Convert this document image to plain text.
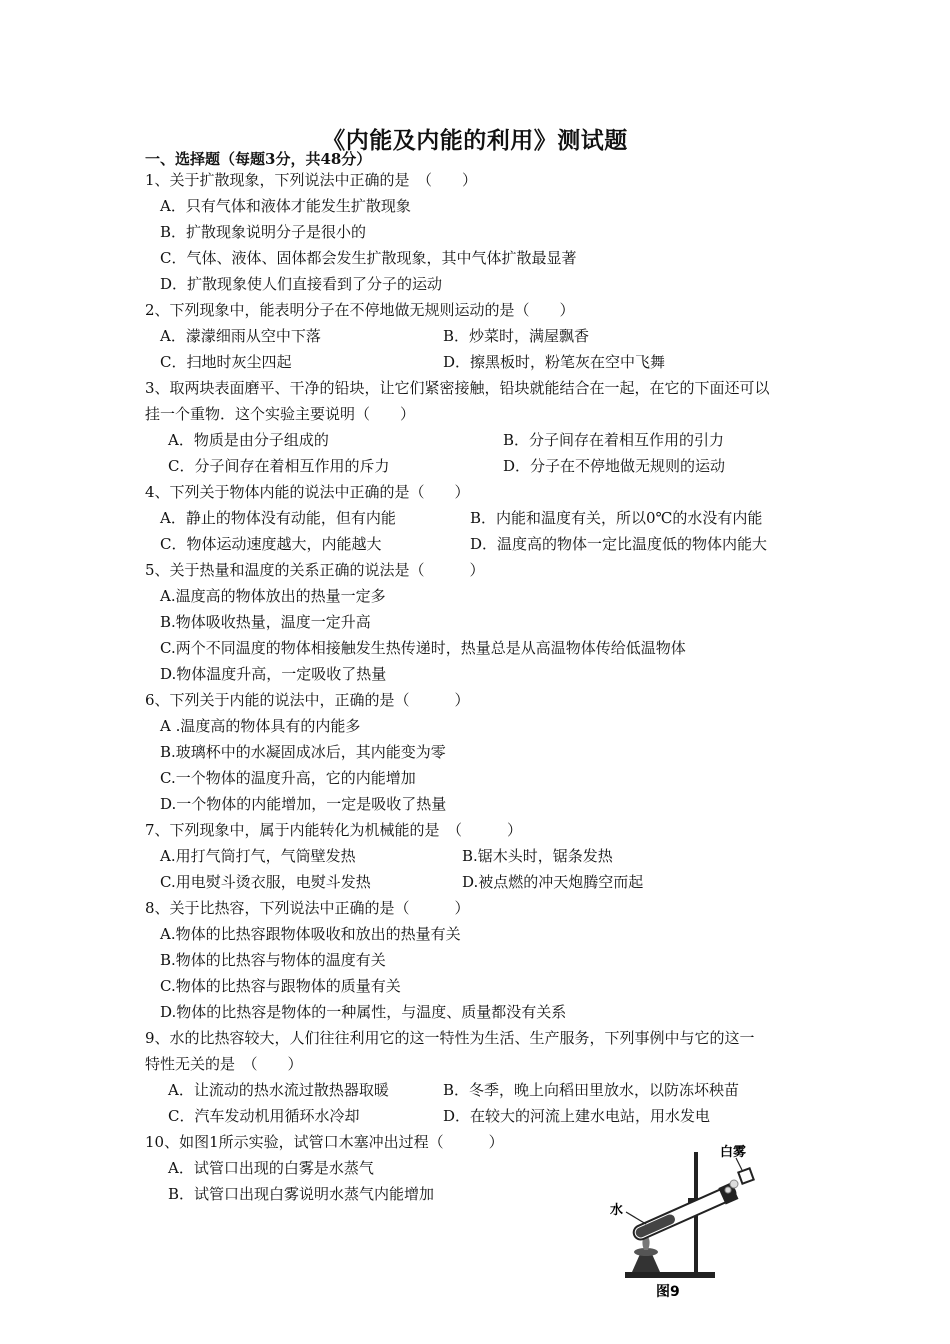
《内能及内能的利用》测试题
一、选择题（每题3分，共48分）
1、关于扩散现象，下列说法中正确的是　（　　）
A．只有气体和液体才能发生扩散现象
B．扩散现象说明分子是很小的
C．气体、液体、固体都会发生扩散现象，其中气体扩散最显著
D．扩散现象使人们直接看到了分子的运动
2、下列现象中，能表明分子在不停地做无规则运动的是（　　）
A．濛濛细雨从空中下落	B．炒菜时，满屋飘香
C．扫地时灰尘四起	D．擦黑板时，粉笔灰在空中飞舞
3、取两块表面磨平、干净的铅块，让它们紧密接触，铅块就能结合在一起，在它的下面还可以
挂一个重物．这个实验主要说明（　　）
A．物质是由分子组成的	B．分子间存在着相互作用的引力
C．分子间存在着相互作用的斥力	D．分子在不停地做无规则的运动
4、下列关于物体内能的说法中正确的是（　　）
A．静止的物体没有动能，但有内能	B．内能和温度有关，所以0℃的水没有内能
C．物体运动速度越大，内能越大	D．温度高的物体一定比温度低的物体内能大
5、关于热量和温度的关系正确的说法是（　　　）
A.温度高的物体放出的热量一定多
B.物体吸收热量，温度一定升高
C.两个不同温度的物体相接触发生热传递时，热量总是从高温物体传给低温物体
D.物体温度升高，一定吸收了热量
6、下列关于内能的说法中，正确的是（　　　）
A .温度高的物体具有的内能多
B.玻璃杯中的水凝固成冰后，其内能变为零
C.一个物体的温度升高，它的内能增加
D.一个物体的内能增加，一定是吸收了热量
7、下列现象中，属于内能转化为机械能的是　（　　　）
A.用打气筒打气，气筒壁发热	B.锯木头时，锯条发热
C.用电熨斗烫衣服，电熨斗发热	D.被点燃的冲天炮腾空而起
8、关于比热容，下列说法中正确的是（　　　）
A.物体的比热容跟物体吸收和放出的热量有关
B.物体的比热容与物体的温度有关
C.物体的比热容与跟物体的质量有关
D.物体的比热容是物体的一种属性，与温度、质量都没有关系
9、水的比热容较大，人们往往利用它的这一特性为生活、生产服务，下列事例中与它的这一
特性无关的是　（　　）
A．让流动的热水流过散热器取暖	B．冬季，晚上向稻田里放水，以防冻坏秧苗
C．汽车发动机用循环水冷却	D．在较大的河流上建水电站，用水发电
10、如图1所示实验，试管口木塞冲出过程（　　　）
A．试管口出现的白雾是水蒸气
B．试管口出现白雾说明水蒸气内能增加
白雾
水
图9
